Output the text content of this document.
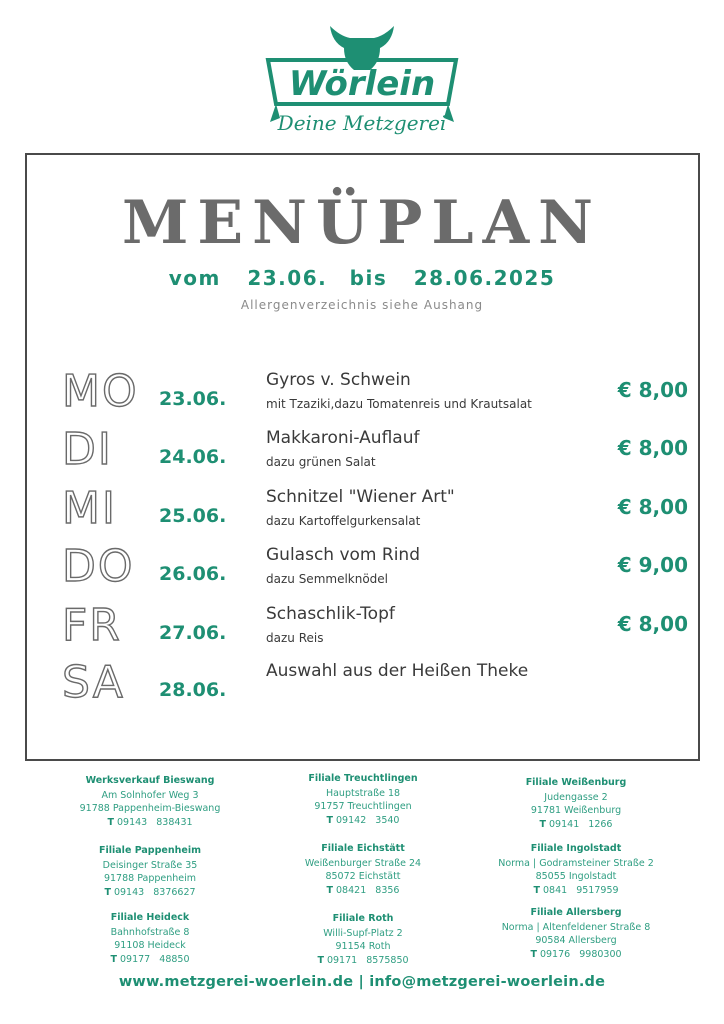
Wörlein
Deine Metzgerei
MENÜPLAN
vom 23.06. bis 28.06.2025
Allergenverzeichnis siehe Aushang
MO 23.06.
Gyros v. Schwein
mit Tzaziki,dazu Tomatenreis und Krautsalat
€ 8,00
DI 24.06.
Makkaroni-Auflauf
dazu grünen Salat
€ 8,00
MI 25.06.
Schnitzel "Wiener Art"
dazu Kartoffelgurkensalat
€ 8,00
DO 26.06.
Gulasch vom Rind
dazu Semmelknödel
€ 9,00
FR 27.06.
Schaschlik-Topf
dazu Reis
€ 8,00
SA 28.06.
Auswahl aus der Heißen Theke
Werksverkauf Bieswang
Am Solnhofer Weg 3
91788 Pappenheim-Bieswang
T 09143   838431
Filiale Pappenheim
Deisinger Straße 35
91788 Pappenheim
T 09143   8376627
Filiale Heideck
Bahnhofstraße 8
91108 Heideck
T 09177   48850
Filiale Treuchtlingen
Hauptstraße 18
91757 Treuchtlingen
T 09142   3540
Filiale Eichstätt
Weißenburger Straße 24
85072 Eichstätt
T 08421   8356
Filiale Roth
Willi-Supf-Platz 2
91154 Roth
T 09171   8575850
Filiale Weißenburg
Judengasse 2
91781 Weißenburg
T 09141   1266
Filiale Ingolstadt
Norma | Godramsteiner Straße 2
85055 Ingolstadt
T 0841   9517959
Filiale Allersberg
Norma | Altenfeldener Straße 8
90584 Allersberg
T 09176   9980300
www.metzgerei-woerlein.de | info@metzgerei-woerlein.de
